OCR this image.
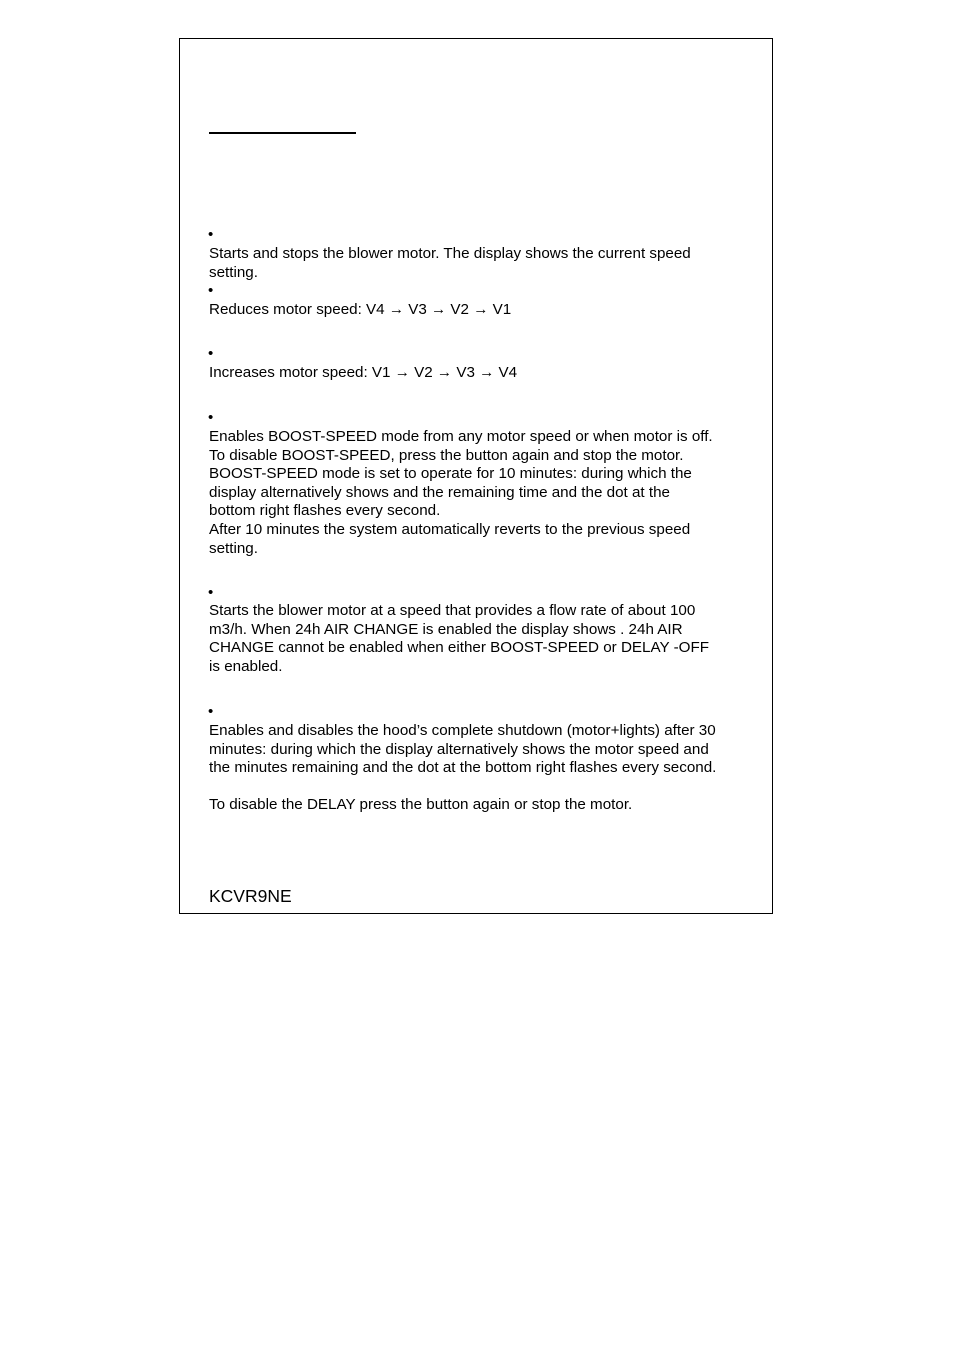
•
Starts and stops the blower motor. The display shows the current speed
setting.
•
Reduces motor speed: V4 → V3 → V2 → V1
•
Increases motor speed: V1 → V2 → V3 → V4
•
Enables BOOST-SPEED mode from any motor speed or when motor is off.
To disable BOOST-SPEED, press the button again and stop the motor.
BOOST-SPEED mode is set to operate for 10 minutes: during which the
display alternatively shows and the remaining time and the dot at the
bottom right flashes every second.
After 10 minutes the system automatically reverts to the previous speed
setting.
•
Starts the blower motor at a speed that provides a flow rate of about 100
m3/h. When 24h AIR CHANGE is enabled the display shows . 24h AIR
CHANGE cannot be enabled when either BOOST-SPEED or DELAY -OFF
is enabled.
•
Enables and disables the hood’s complete shutdown (motor+lights) after 30
minutes: during which the display alternatively shows the motor speed and
the minutes remaining and the dot at the bottom right flashes every second.

To disable the DELAY press the button again or stop the motor.
KCVR9NE
